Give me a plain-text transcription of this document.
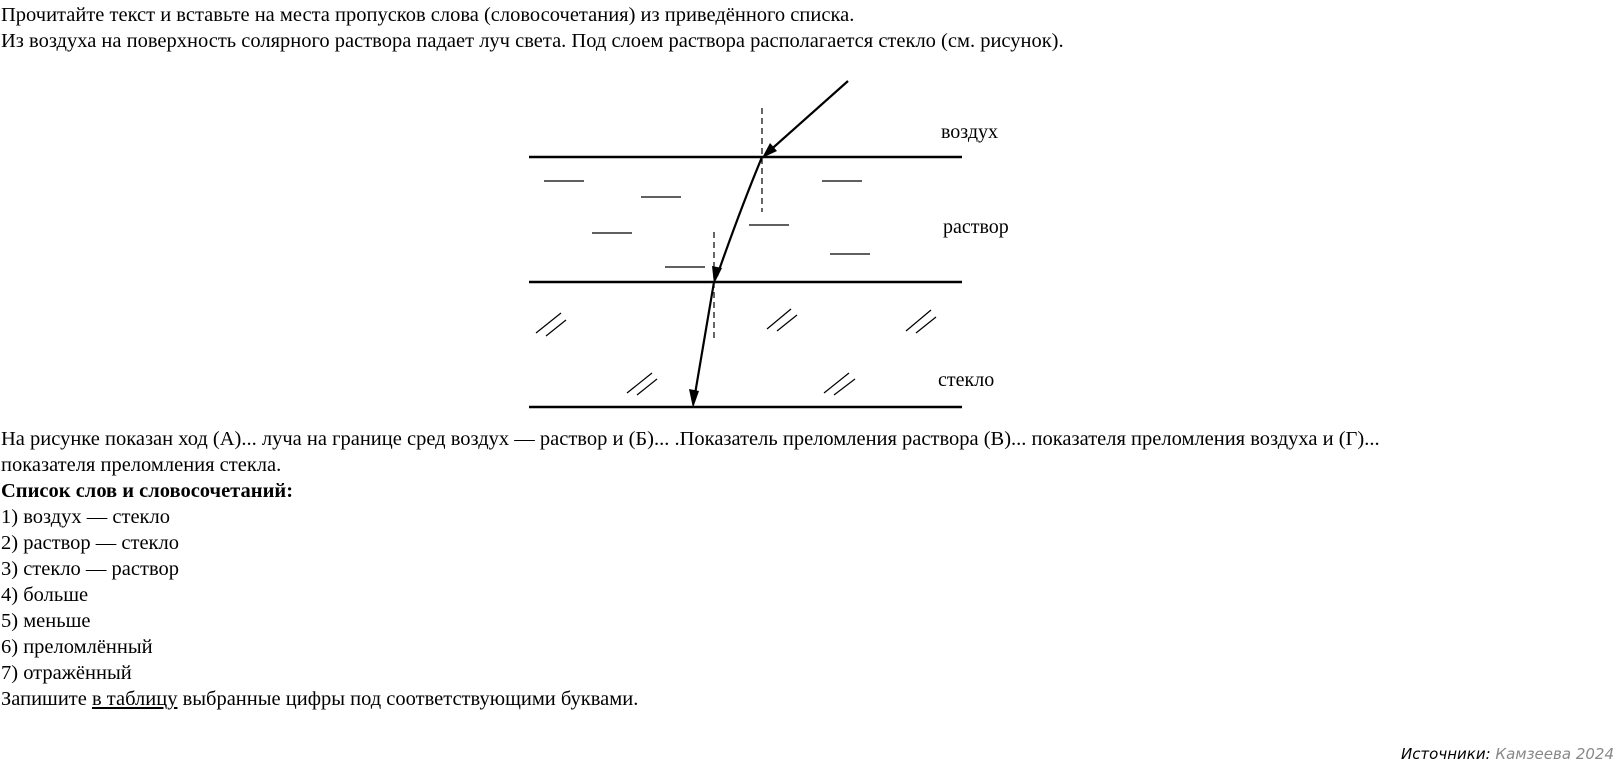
Прочитайте текст и вставьте на места пропусков слова (словосочетания) из приведённого списка.

Из воздуха на поверхность солярного раствора падает луч света. Под слоем раствора располагается стекло (см. рисунок).

воздух
раствор
стекло

На рисунке показан ход (А)... луча на границе сред воздух — раствор и (Б)... .Показатель преломления раствора (В)... показателя преломления воздуха и (Г)...

показателя преломления стекла.

Список слов и словосочетаний:

1) воздух — стекло

2) раствор — стекло

3) стекло — раствор

4) больше

5) меньше

6) преломлённый

7) отражённый

Запишите в таблицу выбранные цифры под соответствующими буквами.

Источники: Камзеева 2024
